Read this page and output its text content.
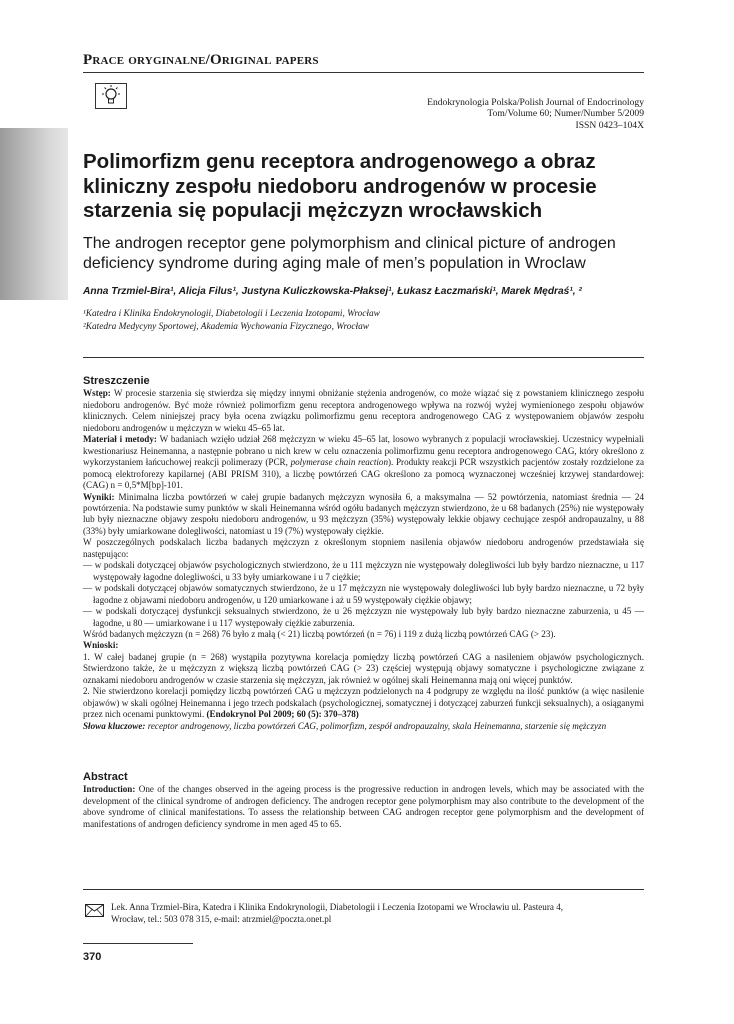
Prace oryginalne/Original papers
Endokrynologia Polska/Polish Journal of Endocrinology
Tom/Volume 60; Numer/Number 5/2009
ISSN 0423–104X
Polimorfizm genu receptora androgenowego a obraz kliniczny zespołu niedoboru androgenów w procesie starzenia się populacji mężczyzn wrocławskich
The androgen receptor gene polymorphism and clinical picture of androgen deficiency syndrome during aging male of men’s population in Wroclaw
Anna Trzmiel-Bira¹, Alicja Filus¹, Justyna Kuliczkowska-Płaksej¹, Łukasz Łaczmański¹, Marek Mędraś¹, ²
¹Katedra i Klinika Endokrynologii, Diabetologii i Leczenia Izotopami, Wrocław
²Katedra Medycyny Sportowej, Akademia Wychowania Fizycznego, Wrocław
Streszczenie

Wstęp: W procesie starzenia się stwierdza się między innymi obniżanie stężenia androgenów, co może wiązać się z powstaniem klinicznego zespołu niedoboru androgenów. Być może również polimorfizm genu receptora androgenowego wpływa na rozwój wyżej wymienionego zespołu objawów klinicznych. Celem niniejszej pracy była ocena związku polimorfizmu genu receptora androgenowego CAG z występowaniem objawów zespołu niedoboru androgenów u mężczyzn w wieku 45–65 lat.

Materiał i metody: W badaniach wzięło udział 268 mężczyzn w wieku 45–65 lat, losowo wybranych z populacji wrocławskiej. Uczestnicy wypełniali kwestionariusz Heinemanna, a następnie pobrano u nich krew w celu oznaczenia polimorfizmu genu receptora androgenowego CAG, który określono z wykorzystaniem łańcuchowej reakcji polimerazy (PCR, polymerase chain reaction). Produkty reakcji PCR wszystkich pacjentów zostały rozdzielone za pomocą elektroforezy kapilarnej (ABI PRISM 310), a liczbę powtórzeń CAG określono za pomocą wyznaczonej wcześniej krzywej standardowej: (CAG) n = 0,5*M[bp]-101.

Wyniki: Minimalna liczba powtórzeń w całej grupie badanych mężczyzn wynosiła 6, a maksymalna — 52 powtórzenia, natomiast średnia — 24 powtórzenia. Na podstawie sumy punktów w skali Heinemanna wśród ogółu badanych mężczyzn stwierdzono, że u 68 badanych (25%) nie występowały lub były nieznaczne objawy zespołu niedoboru androgenów, u 93 mężczyzn (35%) występowały lekkie objawy cechujące zespół andropauzalny, u 88 (33%) były umiarkowane dolegliwości, natomiast u 19 (7%) występowały ciężkie.

W poszczególnych podskalach liczba badanych mężczyzn z określonym stopniem nasilenia objawów niedoboru androgenów przedstawiała się następująco:

— w podskali dotyczącej objawów psychologicznych stwierdzono, że u 111 mężczyzn nie występowały dolegliwości lub były bardzo nieznaczne, u 117 występowały łagodne dolegliwości, u 33 były umiarkowane i u 7 ciężkie;

— w podskali dotyczącej objawów somatycznych stwierdzono, że u 17 mężczyzn nie występowały dolegliwości lub były bardzo nieznaczne, u 72 były łagodne z objawami niedoboru androgenów, u 120 umiarkowane i aż u 59 występowały ciężkie objawy;

— w podskali dotyczącej dysfunkcji seksualnych stwierdzono, że u 26 mężczyzn nie występowały lub były bardzo nieznaczne zaburzenia, u 45 — łagodne, u 80 — umiarkowane i u 117 występowały ciężkie zaburzenia.

Wśród badanych mężczyzn (n = 268) 76 było z małą (< 21) liczbą powtórzeń (n = 76) i 119 z dużą liczbą powtórzeń CAG (> 23).

Wnioski:

1. W całej badanej grupie (n = 268) wystąpiła pozytywna korelacja pomiędzy liczbą powtórzeń CAG a nasileniem objawów psychologicznych. Stwierdzono także, że u mężczyzn z większą liczbą powtórzeń CAG (> 23) częściej występują objawy somatyczne i psychologiczne związane z oznakami niedoboru androgenów w czasie starzenia się mężczyzn, jak również w ogólnej skali Heinemanna mają oni więcej punktów.

2. Nie stwierdzono korelacji pomiędzy liczbą powtórzeń CAG u mężczyzn podzielonych na 4 podgrupy ze względu na ilość punktów (a więc nasilenie objawów) w skali ogólnej Heinemanna i jego trzech podskalach (psychologicznej, somatycznej i dotyczącej zaburzeń funkcji seksualnych), a osiąganymi przez nich ocenami punktowymi. (Endokrynol Pol 2009; 60 (5): 370–378)

Słowa kluczowe: receptor androgenowy, liczba powtórzeń CAG, polimorfizm, zespół andropauzalny, skala Heinemanna, starzenie się mężczyzn

Abstract

Introduction: One of the changes observed in the ageing process is the progressive reduction in androgen levels, which may be associated with the development of the clinical syndrome of androgen deficiency. The androgen receptor gene polymorphism may also contribute to the development of the above syndrome of clinical manifestations. To assess the relationship between CAG androgen receptor gene polymorphism and the development of manifestations of androgen deficiency syndrome in men aged 45 to 65.

Lek. Anna Trzmiel-Bira, Katedra i Klinika Endokrynologii, Diabetologii i Leczenia Izotopami we Wrocławiu ul. Pasteura 4,
Wrocław, tel.: 503 078 315, e-mail: atrzmiel@poczta.onet.pl
370
